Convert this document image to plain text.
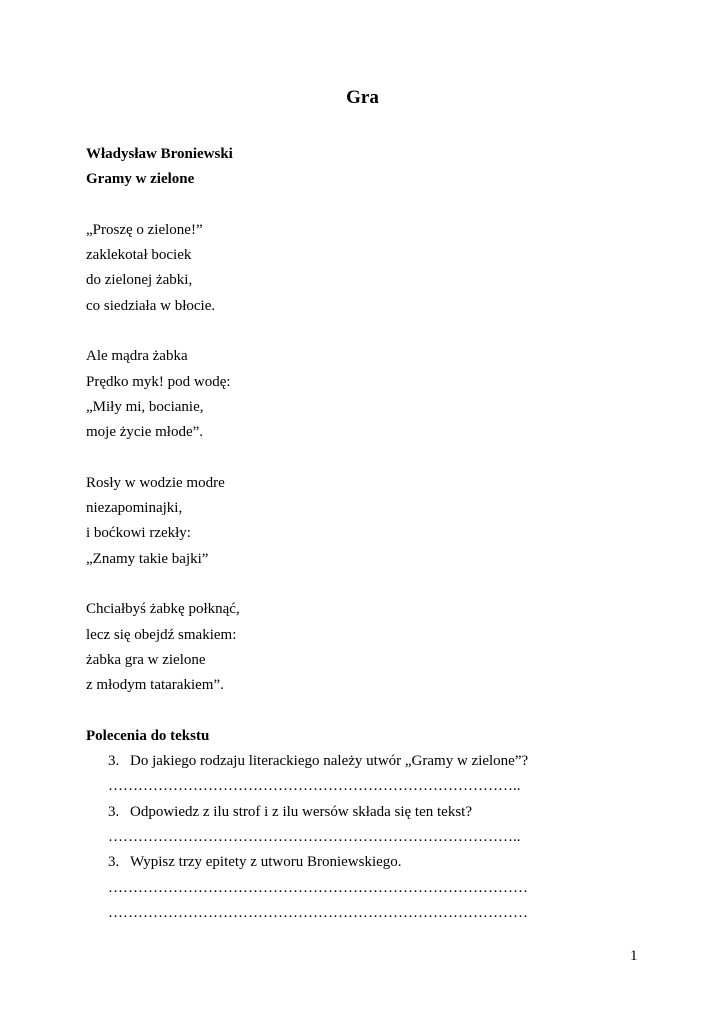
Gra
Władysław Broniewski
Gramy w zielone
„Proszę o zielone!”
zaklekotał bociek
do zielonej żabki,
co siedziała w błocie.
Ale mądra żabka
Prędko myk! pod wodę:
„Miły mi, bocianie,
moje życie młode”.
Rosły w wodzie modre
niezapominajki,
i boćkowi rzekły:
„Znamy takie bajki”
Chciałbyś żabkę połknąć,
lecz się obejdź smakiem:
żabka gra w zielone
z młodym tatarakiem”.
Polecenia do tekstu
3. Do jakiego rodzaju literackiego należy utwór „Gramy w zielone”?
………………………………………………………………………..
3. Odpowiedz z ilu strof i z ilu wersów składa się ten tekst?
………………………………………………………………………..
3. Wypisz trzy epitety z utworu Broniewskiego.
…………………………………………………………………………
…………………………………………………………………………
1
